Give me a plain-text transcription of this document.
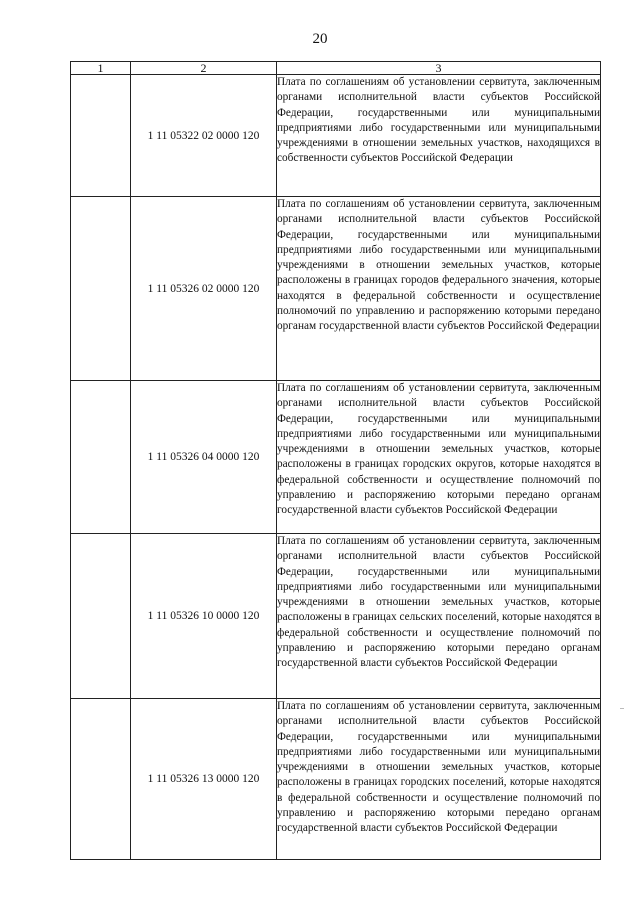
20
1	2	3
	1 11 05322 02 0000 120	Плата по соглашениям об установлении сервитута, заключенным органами исполнительной власти субъектов Российской Федерации, государственными или муниципальными предприятиями либо государственными или муниципальными учреждениями в отношении земельных участков, находящихся в собственности субъектов Российской Федерации
	1 11 05326 02 0000 120	Плата по соглашениям об установлении сервитута, заключенным органами исполнительной власти субъектов Российской Федерации, государственными или муниципальными предприятиями либо государственными или муниципальными учреждениями в отношении земельных участков, которые расположены в границах городов федерального значения, которые находятся в федеральной собственности и осуществление полномочий по управлению и распоряжению которыми передано органам государственной власти субъектов Российской Федерации
	1 11 05326 04 0000 120	Плата по соглашениям об установлении сервитута, заключенным органами исполнительной власти субъектов Российской Федерации, государственными или муниципальными предприятиями либо государственными или муниципальными учреждениями в отношении земельных участков, которые расположены в границах городских округов, которые находятся в федеральной собственности и осуществление полномочий по управлению и распоряжению которыми передано органам государственной власти субъектов Российской Федерации
	1 11 05326 10 0000 120	Плата по соглашениям об установлении сервитута, заключенным органами исполнительной власти субъектов Российской Федерации, государственными или муниципальными предприятиями либо государственными или муниципальными учреждениями в отношении земельных участков, которые расположены в границах сельских поселений, которые находятся в федеральной собственности и осуществление полномочий по управлению и распоряжению которыми передано органам государственной власти субъектов Российской Федерации
	1 11 05326 13 0000 120	Плата по соглашениям об установлении сервитута, заключенным органами исполнительной власти субъектов Российской Федерации, государственными или муниципальными предприятиями либо государственными или муниципальными учреждениями в отношении земельных участков, которые расположены в границах городских поселений, которые находятся в федеральной собственности и осуществление полномочий по управлению и распоряжению которыми передано органам государственной власти субъектов Российской Федерации
